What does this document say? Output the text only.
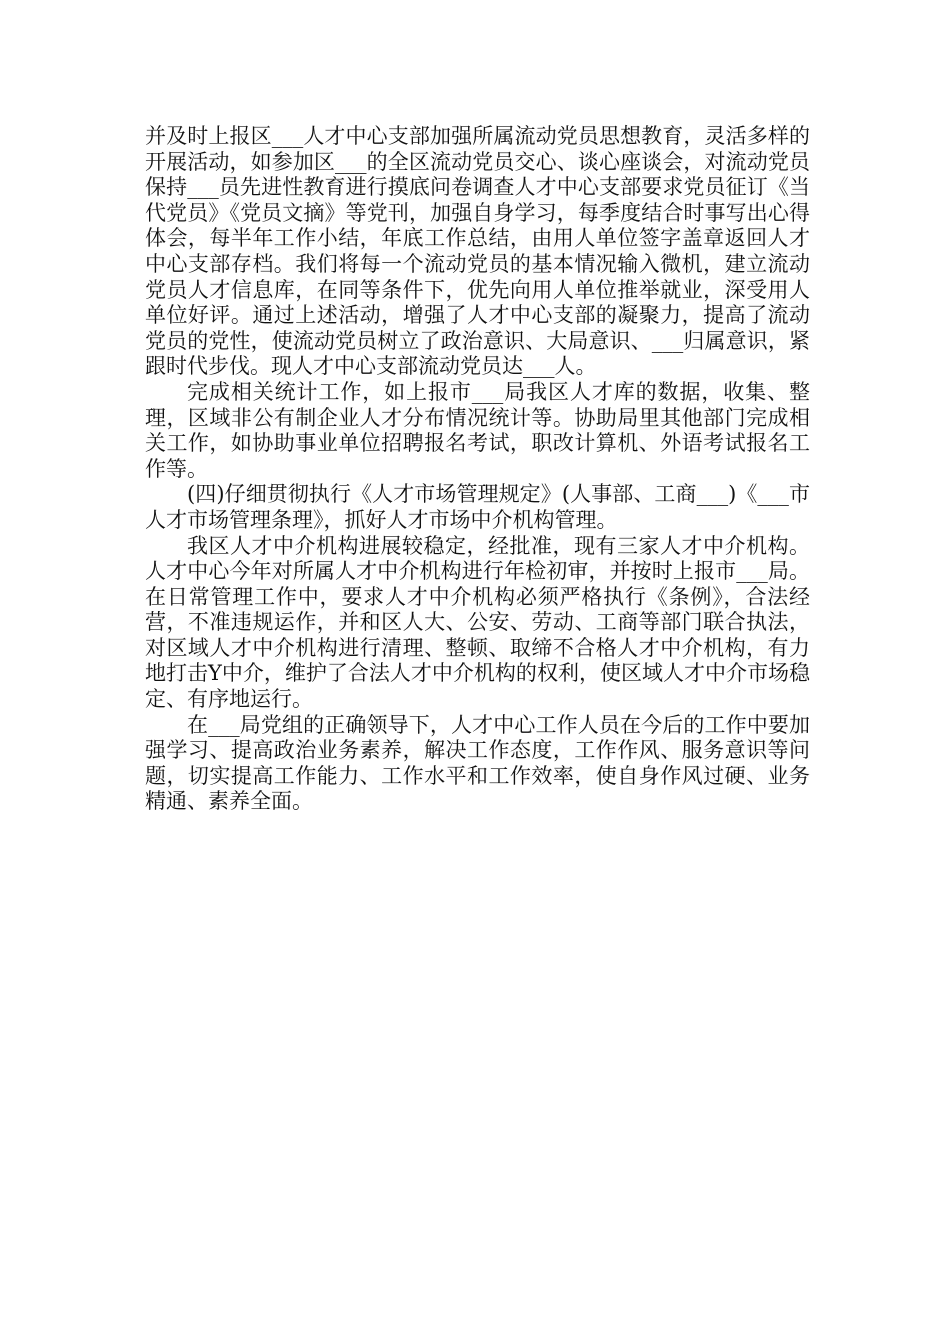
并及时上报区___人才中心支部加强所属流动党员思想教育，灵活多样的开展活动，如参加区___的全区流动党员交心、谈心座谈会，对流动党员保持___员先进性教育进行摸底问卷调查人才中心支部要求党员征订《当代党员》《党员文摘》等党刊，加强自身学习，每季度结合时事写出心得体会，每半年工作小结，年底工作总结，由用人单位签字盖章返回人才中心支部存档。我们将每一个流动党员的基本情况输入微机，建立流动党员人才信息库，在同等条件下，优先向用人单位推举就业，深受用人单位好评。通过上述活动，增强了人才中心支部的凝聚力，提高了流动党员的党性，使流动党员树立了政治意识、大局意识、___归属意识，紧跟时代步伐。现人才中心支部流动党员达___人。

完成相关统计工作，如上报市___局我区人才库的数据，收集、整理，区域非公有制企业人才分布情况统计等。协助局里其他部门完成相关工作，如协助事业单位招聘报名考试，职改计算机、外语考试报名工作等。

(四)仔细贯彻执行《人才市场管理规定》(人事部、工商___)《___市人才市场管理条理》，抓好人才市场中介机构管理。

我区人才中介机构进展较稳定，经批准，现有三家人才中介机构。人才中心今年对所属人才中介机构进行年检初审，并按时上报市___局。在日常管理工作中，要求人才中介机构必须严格执行《条例》，合法经营，不准违规运作，并和区人大、公安、劳动、工商等部门联合执法，对区域人才中介机构进行清理、整顿、取缔不合格人才中介机构，有力地打击Y中介，维护了合法人才中介机构的权利，使区域人才中介市场稳定、有序地运行。

在___局党组的正确领导下，人才中心工作人员在今后的工作中要加强学习、提高政治业务素养，解决工作态度，工作作风、服务意识等问题，切实提高工作能力、工作水平和工作效率，使自身作风过硬、业务精通、素养全面。
